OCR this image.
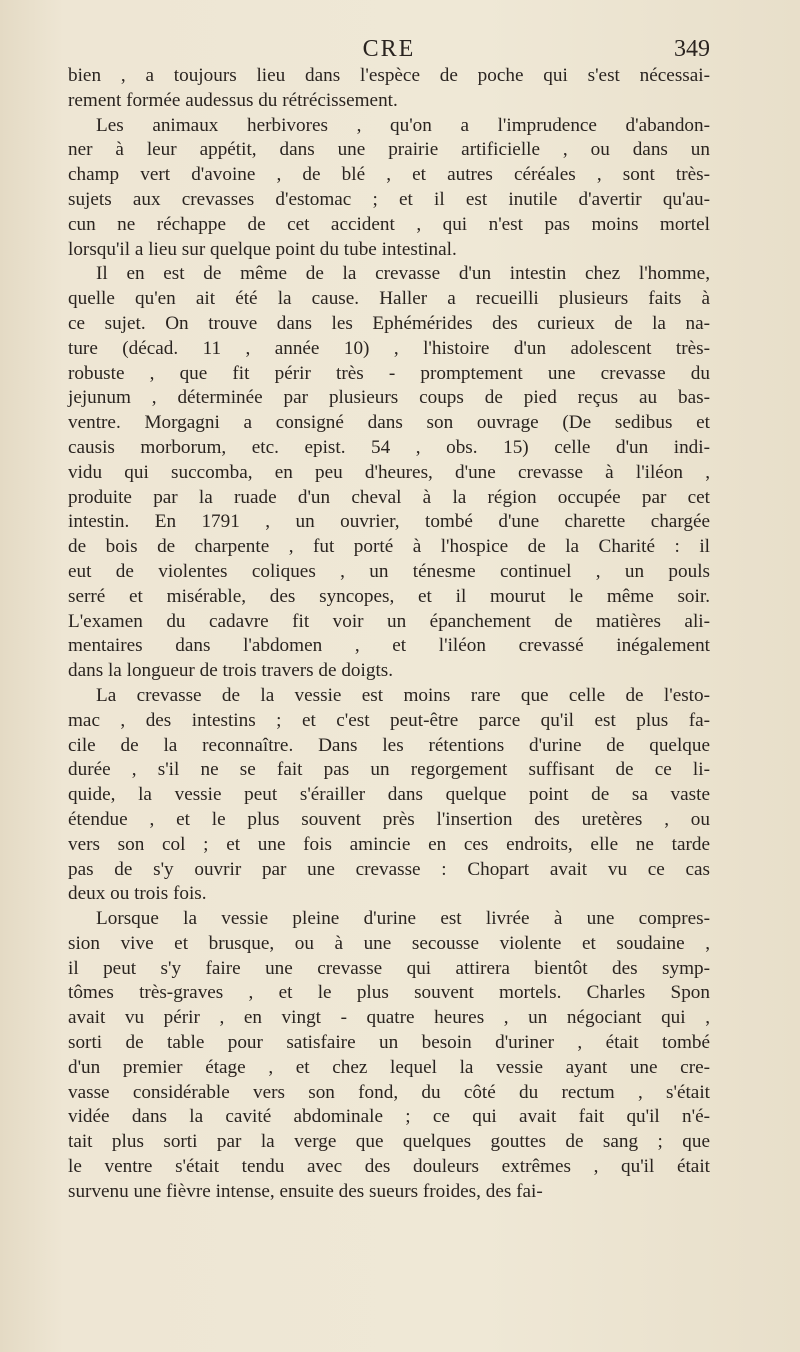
CRE	349
bien , a toujours lieu dans l'espèce de poche qui s'est nécessai-
rement formée audessus du rétrécissement.
Les animaux herbivores , qu'on a l'imprudence d'abandon-
ner à leur appétit, dans une prairie artificielle , ou dans un
champ vert d'avoine , de blé , et autres céréales , sont très-
sujets aux crevasses d'estomac ; et il est inutile d'avertir qu'au-
cun ne réchappe de cet accident , qui n'est pas moins mortel
lorsqu'il a lieu sur quelque point du tube intestinal.
Il en est de même de la crevasse d'un intestin chez l'homme,
quelle qu'en ait été la cause. Haller a recueilli plusieurs faits à
ce sujet. On trouve dans les Ephémérides des curieux de la na-
ture (décad. 11 , année 10) , l'histoire d'un adolescent très-
robuste , que fit périr très - promptement une crevasse du
jejunum , déterminée par plusieurs coups de pied reçus au bas-
ventre. Morgagni a consigné dans son ouvrage (De sedibus et
causis morborum, etc. epist. 54 , obs. 15) celle d'un indi-
vidu qui succomba, en peu d'heures, d'une crevasse à l'iléon ,
produite par la ruade d'un cheval à la région occupée par cet
intestin. En 1791 , un ouvrier, tombé d'une charette chargée
de bois de charpente , fut porté à l'hospice de la Charité : il
eut de violentes coliques , un ténesme continuel , un pouls
serré et misérable, des syncopes, et il mourut le même soir.
L'examen du cadavre fit voir un épanchement de matières ali-
mentaires dans l'abdomen , et l'iléon crevassé inégalement
dans la longueur de trois travers de doigts.
La crevasse de la vessie est moins rare que celle de l'esto-
mac , des intestins ; et c'est peut-être parce qu'il est plus fa-
cile de la reconnaître. Dans les rétentions d'urine de quelque
durée , s'il ne se fait pas un regorgement suffisant de ce li-
quide, la vessie peut s'érailler dans quelque point de sa vaste
étendue , et le plus souvent près l'insertion des uretères , ou
vers son col ; et une fois amincie en ces endroits, elle ne tarde
pas de s'y ouvrir par une crevasse : Chopart avait vu ce cas
deux ou trois fois.
Lorsque la vessie pleine d'urine est livrée à une compres-
sion vive et brusque, ou à une secousse violente et soudaine ,
il peut s'y faire une crevasse qui attirera bientôt des symp-
tômes très-graves , et le plus souvent mortels. Charles Spon
avait vu périr , en vingt - quatre heures , un négociant qui ,
sorti de table pour satisfaire un besoin d'uriner , était tombé
d'un premier étage , et chez lequel la vessie ayant une cre-
vasse considérable vers son fond, du côté du rectum , s'était
vidée dans la cavité abdominale ; ce qui avait fait qu'il n'é-
tait plus sorti par la verge que quelques gouttes de sang ; que
le ventre s'était tendu avec des douleurs extrêmes , qu'il était
survenu une fièvre intense, ensuite des sueurs froides, des fai-
